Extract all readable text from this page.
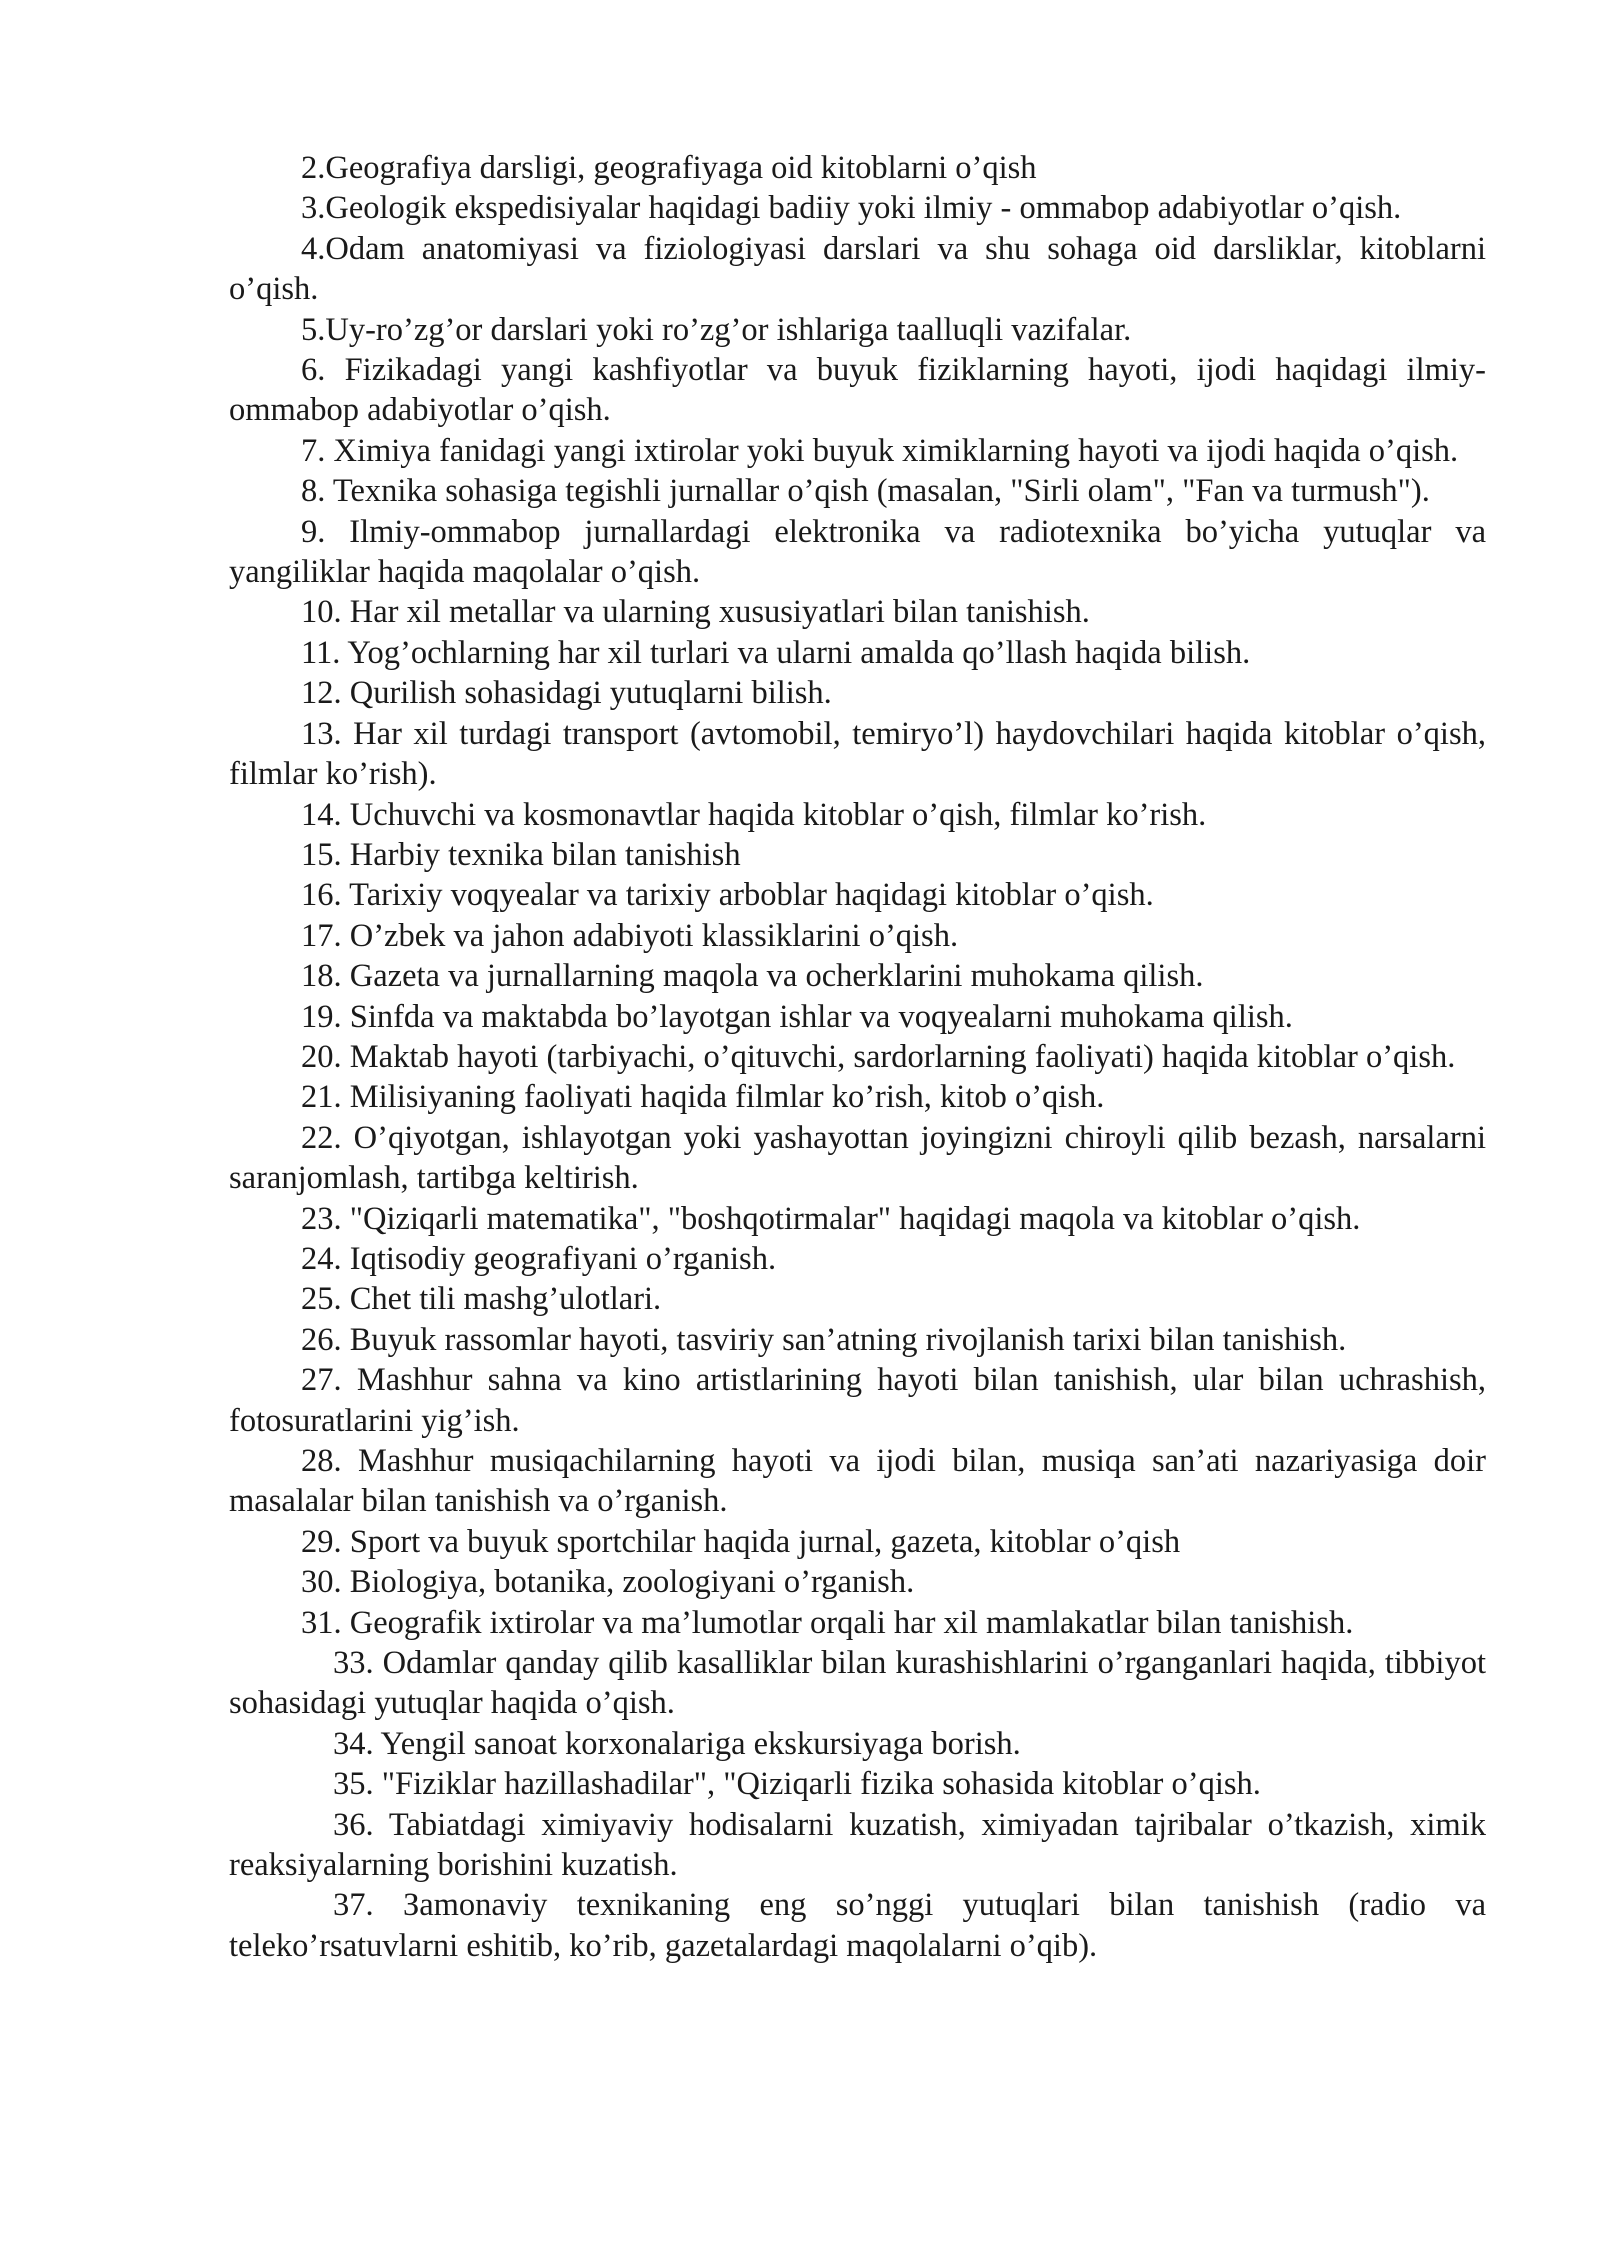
2.Geografiya darsligi, geografiyaga oid kitoblarni o’qish

3.Geologik ekspedisiyalar haqidagi badiiy yoki ilmiy - ommabop adabiyotlar o’qish.

4.Odam anatomiyasi va fiziologiyasi darslari va shu sohaga oid darsliklar, kitoblarni o’qish.

5.Uy-ro’zg’or darslari yoki ro’zg’or ishlariga taalluqli vazifalar.

6. Fizikadagi yangi kashfiyotlar va buyuk fiziklarning hayoti, ijodi haqidagi ilmiy-ommabop adabiyotlar o’qish.

7. Ximiya fanidagi yangi ixtirolar yoki buyuk ximiklarning hayoti va ijodi haqida o’qish.

8. Texnika sohasiga tegishli jurnallar o’qish (masalan, "Sirli olam", "Fan va turmush").

9. Ilmiy-ommabop jurnallardagi elektronika va radiotexnika bo’yicha yutuqlar va yangiliklar haqida maqolalar o’qish.

10. Har xil metallar va ularning xususiyatlari bilan tanishish.

11. Yog’ochlarning har xil turlari va ularni amalda qo’llash haqida bilish.

12. Qurilish sohasidagi yutuqlarni bilish.

13. Har xil turdagi transport (avtomobil, temiryo’l) haydovchilari haqida kitoblar o’qish, filmlar ko’rish).

14. Uchuvchi va kosmonavtlar haqida kitoblar o’qish, filmlar ko’rish.

15. Harbiy texnika bilan tanishish

16. Tarixiy voqyealar va tarixiy arboblar haqidagi kitoblar o’qish.

17. O’zbek va jahon adabiyoti klassiklarini o’qish.

18. Gazeta va jurnallarning maqola va ocherklarini muhokama qilish.

19. Sinfda va maktabda bo’layotgan ishlar va voqyealarni muhokama qilish.

20. Maktab hayoti (tarbiyachi, o’qituvchi, sardorlarning faoliyati) haqida kitoblar o’qish.

21. Milisiyaning faoliyati haqida filmlar ko’rish, kitob o’qish.

22. O’qiyotgan, ishlayotgan yoki yashayottan joyingizni chiroyli qilib bezash, narsalarni saranjomlash, tartibga keltirish.

23. "Qiziqarli matematika", "boshqotirmalar" haqidagi maqola va kitoblar o’qish.

24. Iqtisodiy geografiyani o’rganish.

25. Chet tili mashg’ulotlari.

26. Buyuk rassomlar hayoti, tasviriy san’atning rivojlanish tarixi bilan tanishish.

27. Mashhur sahna va kino artistlarining hayoti bilan tanishish, ular bilan uchrashish, fotosuratlarini yig’ish.

28. Mashhur musiqachilarning hayoti va ijodi bilan, musiqa san’ati nazariyasiga doir masalalar bilan tanishish va o’rganish.

29. Sport va buyuk sportchilar haqida jurnal, gazeta, kitoblar o’qish

30. Biologiya, botanika, zoologiyani o’rganish.

31. Geografik ixtirolar va ma’lumotlar orqali har xil mamlakatlar bilan tanishish.

33. Odamlar qanday qilib kasalliklar bilan kurashishlarini o’rganganlari haqida, tibbiyot sohasidagi yutuqlar haqida o’qish.

34. Yengil sanoat korxonalariga ekskursiyaga borish.

35. "Fiziklar hazillashadilar", "Qiziqarli fizika sohasida kitoblar o’qish.

36. Tabiatdagi ximiyaviy hodisalarni kuzatish, ximiyadan tajribalar o’tkazish, ximik reaksiyalarning borishini kuzatish.

37. Зamonaviy texnikaning eng so’nggi yutuqlari bilan tanishish (radio va teleko’rsatuvlarni eshitib, ko’rib, gazetalardagi maqolalarni o’qib).
